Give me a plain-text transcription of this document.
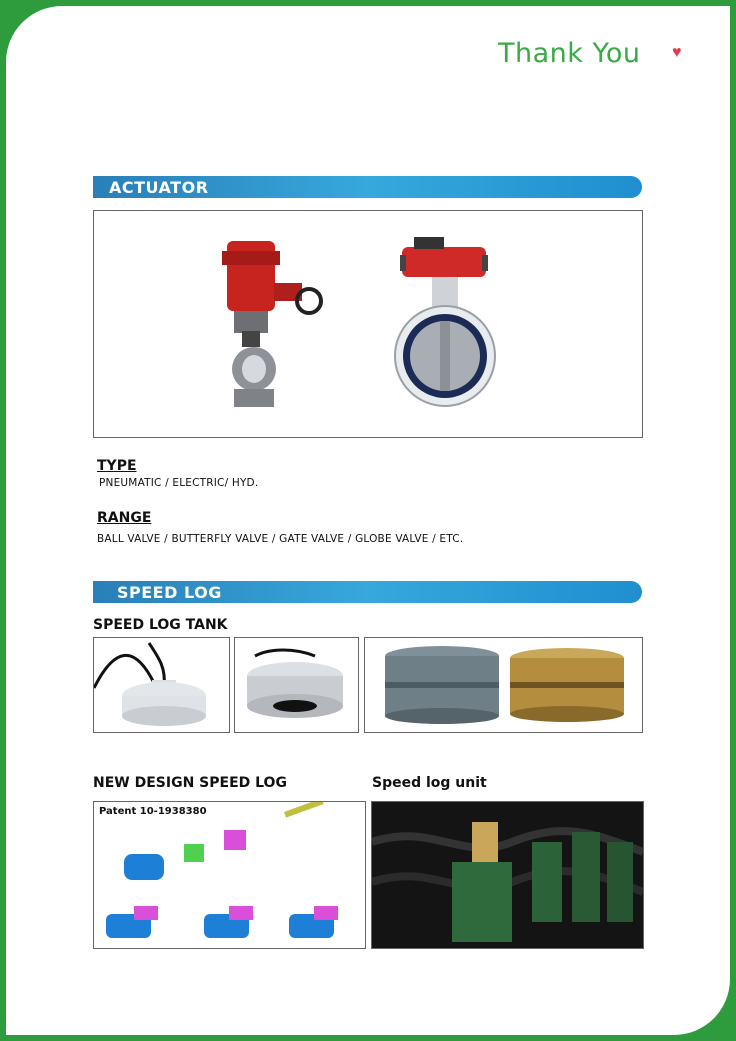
Thank You ♥
ACTUATOR
TYPE
PNEUMATIC / ELECTRIC/ HYD.
RANGE
BALL VALVE / BUTTERFLY VALVE / GATE VALVE / GLOBE VALVE / ETC.
SPEED LOG
SPEED LOG TANK
NEW DESIGN SPEED LOG	Speed log unit
Patent 10-1938380
